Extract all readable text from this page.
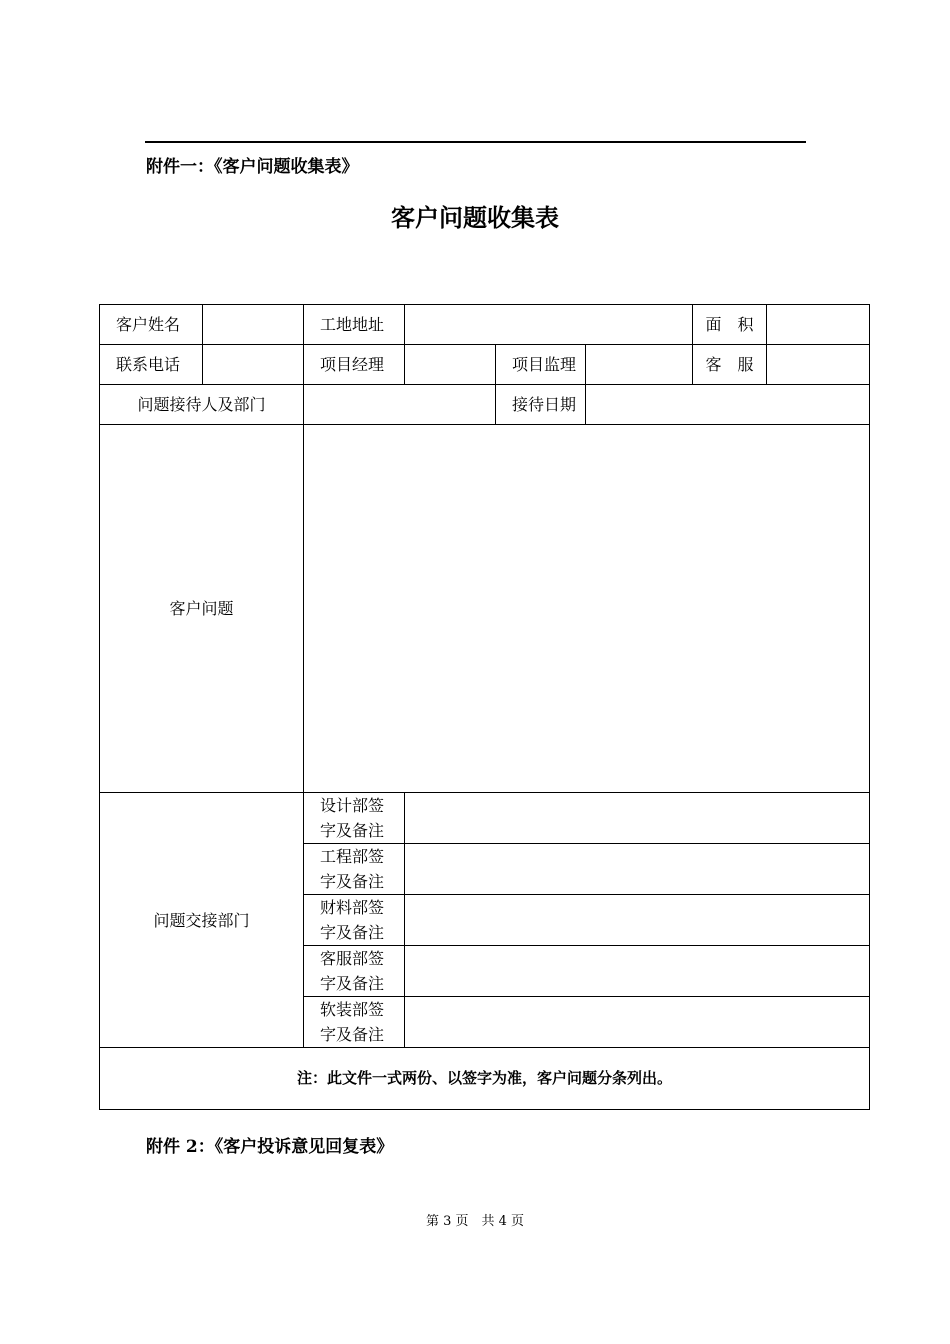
附件一：《客户问题收集表》
客户问题收集表
客户姓名		工地地址				面　积	
联系电话		项目经理		项目监理		客　服	
问题接待人及部门				接待日期			
客户问题							
问题交接部门		设计部签
字及备注					
		工程部签
字及备注					
		财料部签
字及备注					
		客服部签
字及备注					
		软装部签
字及备注					
注：此文件一式两份、以签字为准，客户问题分条列出。							
附件 2：《客户投诉意见回复表》
第 3 页　共 4 页
